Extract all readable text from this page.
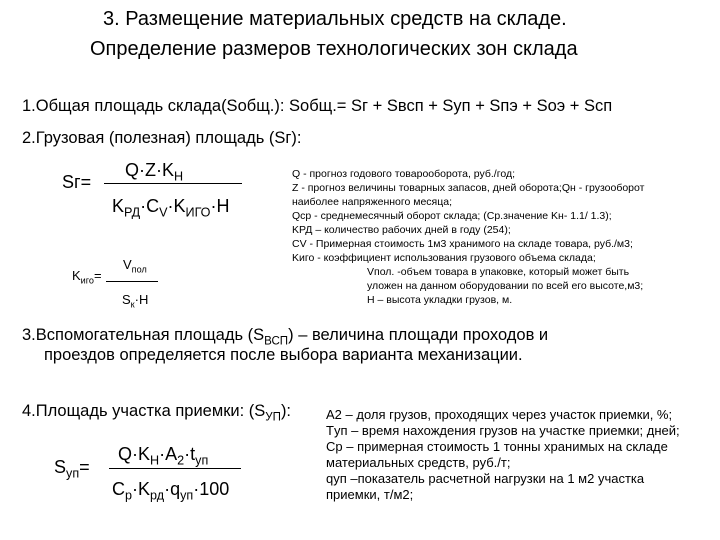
3. Размещение материальных средств на складе.
Определение размеров технологических зон склада
1.Общая площадь склада(Sобщ.): Sобщ.= Sг + Sвсп + Sуп + Sпэ + Sоэ + Sсп
2.Грузовая (полезная) площадь (Sг):
Sг=
$Q\cdot Z\cdot K_Н$
$K_{РД}\cdot C_V\cdot K_{ИГО}\cdot H$
$K_{иго}=$
$V_{пол}$
$S_к\cdot H$
Q - прогноз годового товарооборота, руб./год;
Z - прогноз величины товарных запасов, дней оборота;Qн - грузооборот
наиболее напряженного месяца;
Qср - среднемесячный оборот склада; (Ср.значение Kн- 1.1/ 1.3);
KРД – количество рабочих дней в году (254);
CV - Примерная стоимость 1м3 хранимого на складе товара, руб./м3;
Kиго - коэффициент использования грузового объема склада;
Vпол. -объем товара в упаковке, который может быть
уложен на данном оборудовании по всей его высоте,м3;
H – высота укладки грузов, м.
3.Вспомогательная площадь $(S_{ВСП})$ – величина площади проходов и
проездов определяется после выбора варианта механизации.
4.Площадь участка приемки: $(S_{УП})$:
$S_{уп}=$
$Q\cdot K_Н\cdot A_2\cdot t_{уп}$
$C_р\cdot K_{рд}\cdot q_{уп}\cdot 100$
A2 – доля грузов, проходящих через участок приемки, %;
Tуп – время нахождения грузов на участке приемки; дней;
Cр – примерная стоимость 1 тонны хранимых на складе
материальных средств, руб./т;
qуп –показатель расчетной нагрузки на 1 м2 участка
приемки, т/м2;
